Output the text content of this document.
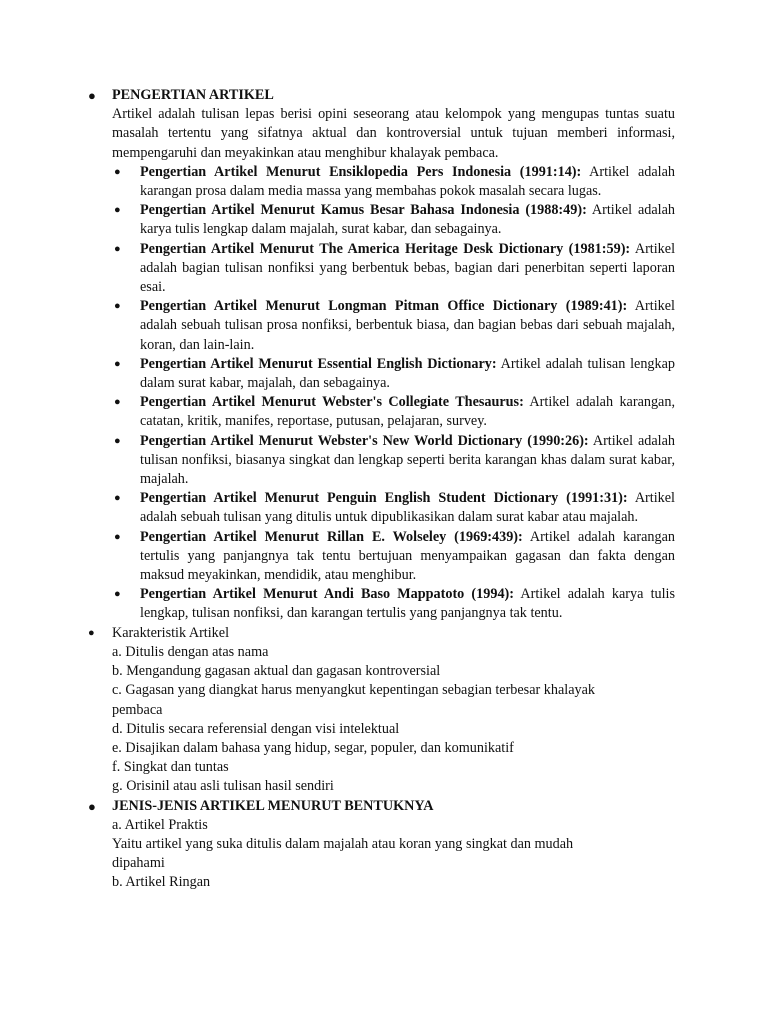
● PENGERTIAN ARTIKEL

Artikel adalah tulisan lepas berisi opini seseorang atau kelompok yang mengupas tuntas suatu masalah tertentu yang sifatnya aktual dan kontroversial untuk tujuan memberi informasi, mempengaruhi dan meyakinkan atau menghibur khalayak pembaca.

● Pengertian Artikel Menurut Ensiklopedia Pers Indonesia (1991:14): Artikel adalah karangan prosa dalam media massa yang membahas pokok masalah secara lugas.

● Pengertian Artikel Menurut Kamus Besar Bahasa Indonesia (1988:49): Artikel adalah karya tulis lengkap dalam majalah, surat kabar, dan sebagainya.

● Pengertian Artikel Menurut The America Heritage Desk Dictionary (1981:59): Artikel adalah bagian tulisan nonfiksi yang berbentuk bebas, bagian dari penerbitan seperti laporan esai.

● Pengertian Artikel Menurut Longman Pitman Office Dictionary (1989:41): Artikel adalah sebuah tulisan prosa nonfiksi, berbentuk biasa, dan bagian bebas dari sebuah majalah, koran, dan lain-lain.

● Pengertian Artikel Menurut Essential English Dictionary: Artikel adalah tulisan lengkap dalam surat kabar, majalah, dan sebagainya.

● Pengertian Artikel Menurut Webster's Collegiate Thesaurus: Artikel adalah karangan, catatan, kritik, manifes, reportase, putusan, pelajaran, survey.

● Pengertian Artikel Menurut Webster's New World Dictionary (1990:26): Artikel adalah tulisan nonfiksi, biasanya singkat dan lengkap seperti berita karangan khas dalam surat kabar, majalah.

● Pengertian Artikel Menurut Penguin English Student Dictionary (1991:31): Artikel adalah sebuah tulisan yang ditulis untuk dipublikasikan dalam surat kabar atau majalah.

● Pengertian Artikel Menurut Rillan E. Wolseley (1969:439): Artikel adalah karangan tertulis yang panjangnya tak tentu bertujuan menyampaikan gagasan dan fakta dengan maksud meyakinkan, mendidik, atau menghibur.

● Pengertian Artikel Menurut Andi Baso Mappatoto (1994): Artikel adalah karya tulis lengkap, tulisan nonfiksi, dan karangan tertulis yang panjangnya tak tentu.

● Karakteristik Artikel

a. Ditulis dengan atas nama

b. Mengandung gagasan aktual dan gagasan kontroversial

c. Gagasan yang diangkat harus menyangkut kepentingan sebagian terbesar khalayak pembaca

d. Ditulis secara referensial dengan visi intelektual

e. Disajikan dalam bahasa yang hidup, segar, populer, dan komunikatif

f. Singkat dan tuntas

g. Orisinil atau asli tulisan hasil sendiri

● JENIS-JENIS ARTIKEL MENURUT BENTUKNYA

a. Artikel Praktis

Yaitu artikel yang suka ditulis dalam majalah atau koran yang singkat dan mudah dipahami

b. Artikel Ringan
